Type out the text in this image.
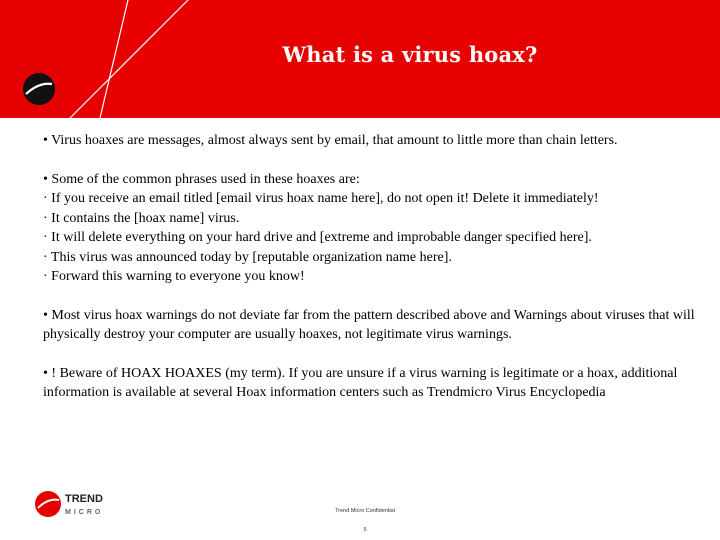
What is a virus hoax?

• Virus hoaxes are messages, almost always sent by email, that amount to little more than chain letters.

• Some of the common phrases used in these hoaxes are:

· If you receive an email titled [email virus hoax name here], do not open it! Delete it immediately!

· It contains the [hoax name] virus.

· It will delete everything on your hard drive and [extreme and improbable danger specified here].

· This virus was announced today by [reputable organization name here].

· Forward this warning to everyone you know!

• Most virus hoax warnings do not deviate far from the pattern described above and Warnings about viruses that will physically destroy your computer are usually hoaxes, not legitimate virus warnings.

• ! Beware of HOAX HOAXES (my term). If you are unsure if a virus warning is legitimate or a hoax, additional information is available at several Hoax information centers such as Trendmicro Virus Encyclopedia

TREND
MICRO	Trend Micro Confidential
5
